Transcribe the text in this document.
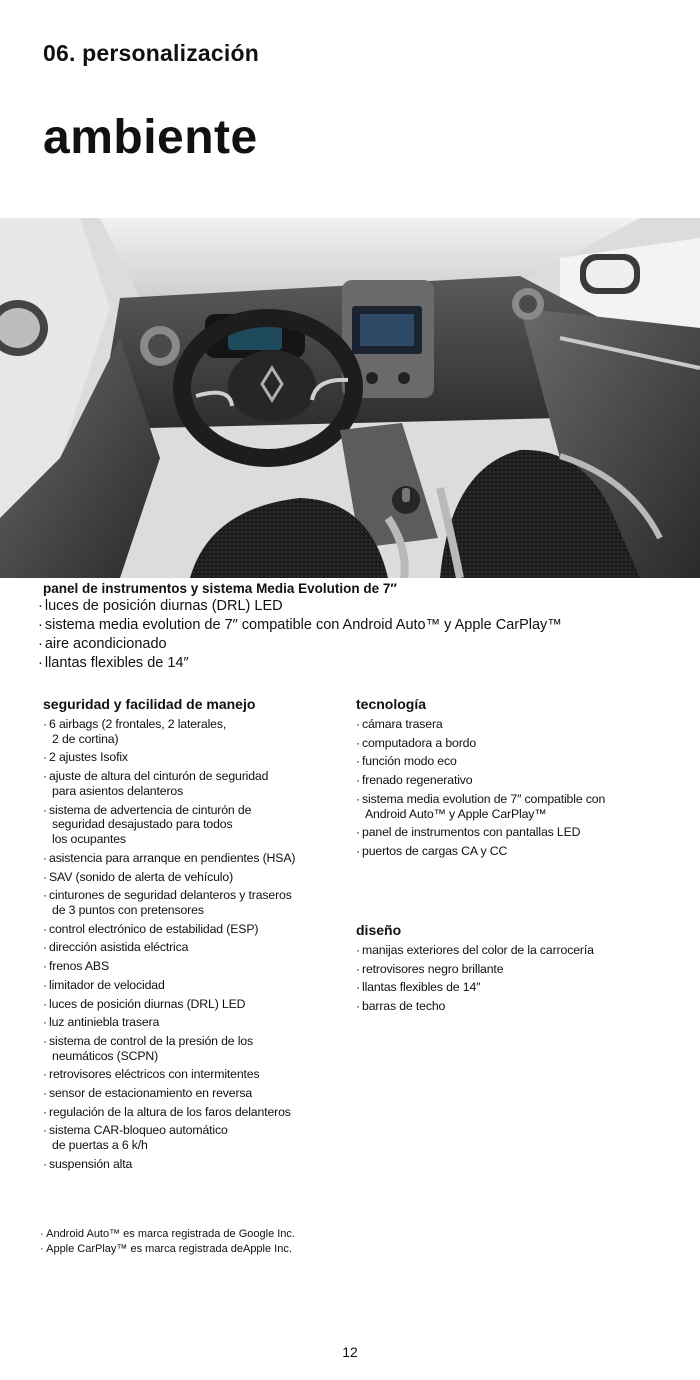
06. personalización
ambiente
panel de instrumentos y sistema Media Evolution de 7″
· luces de posición diurnas (DRL) LED
· sistema media evolution de 7″ compatible con Android Auto™ y Apple CarPlay™
· aire acondicionado
· llantas flexibles de 14″
seguridad y facilidad de manejo
· 6 airbags (2 frontales, 2 laterales,
2 de cortina)
· 2 ajustes Isofix
· ajuste de altura del cinturón de seguridad
para asientos delanteros
· sistema de advertencia de cinturón de
seguridad desajustado para todos
los ocupantes
· asistencia para arranque en pendientes (HSA)
· SAV (sonido de alerta de vehículo)
· cinturones de seguridad delanteros y traseros
de 3 puntos con pretensores
· control electrónico de estabilidad (ESP)
· dirección asistida eléctrica
· frenos ABS
· limitador de velocidad
· luces de posición diurnas (DRL) LED
· luz antiniebla trasera
· sistema de control de la presión de los
neumáticos (SCPN)
· retrovisores eléctricos con intermitentes
· sensor de estacionamiento en reversa
· regulación de la altura de los faros delanteros
· sistema CAR-bloqueo automático
de puertas a 6 k/h
· suspensión alta
tecnología
· cámara trasera
· computadora a bordo
· función modo eco
· frenado regenerativo
· sistema media evolution de 7″ compatible con
Android Auto™ y Apple CarPlay™
· panel de instrumentos con pantallas LED
· puertos de cargas CA y CC
diseño
· manijas exteriores del color de la carrocería
· retrovisores negro brillante
· llantas flexibles de 14″
· barras de techo
· Android Auto™ es marca registrada de Google Inc.
· Apple CarPlay™ es marca registrada deApple Inc.
12
